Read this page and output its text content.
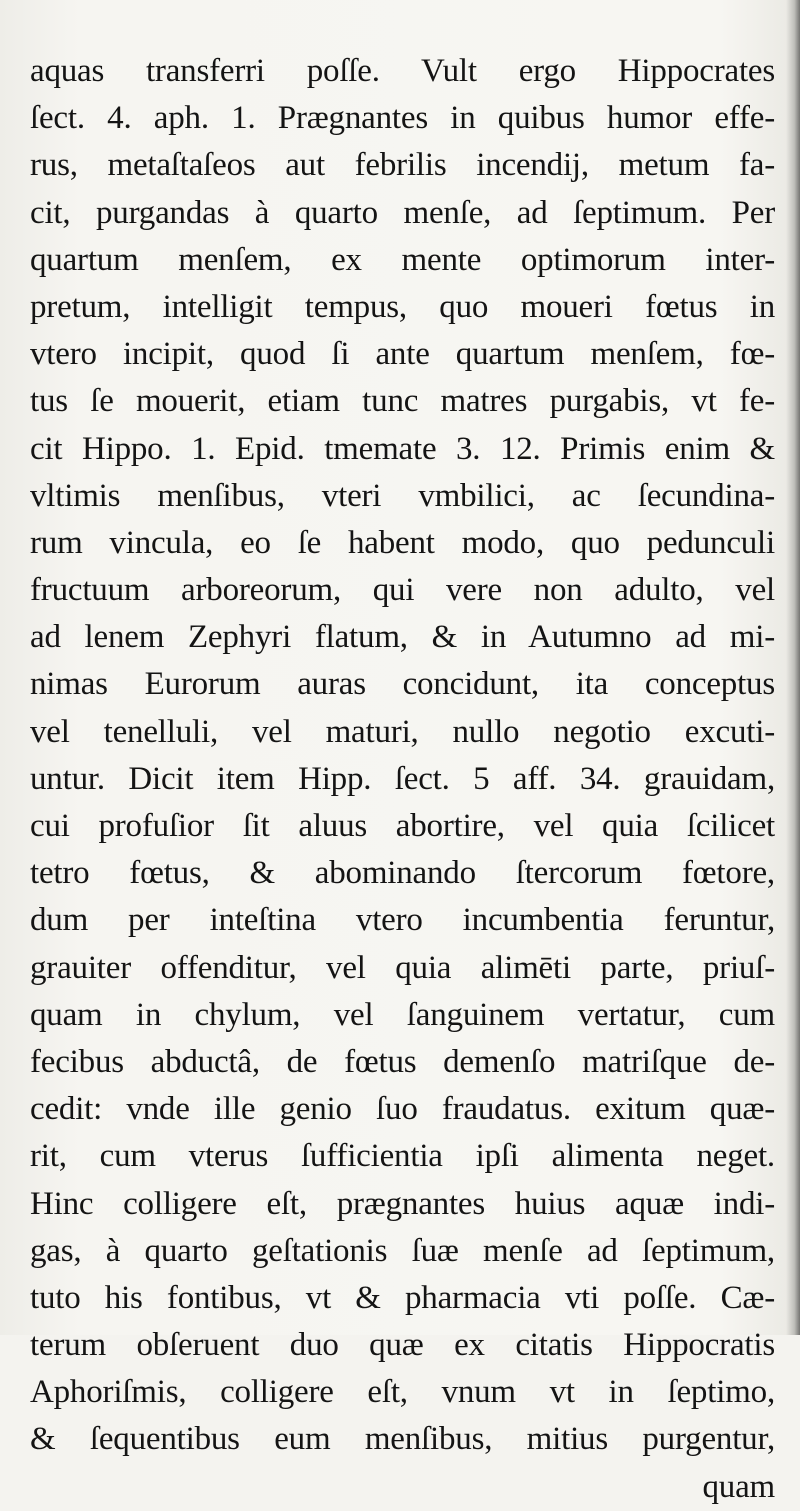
aquas transferri poſſe. Vult ergo Hippocrates
ſect. 4. aph. 1. Prægnantes in quibus humor effe-
rus, metaſtaſeos aut febrilis incendij, metum fa-
cit, purgandas à quarto menſe, ad ſeptimum. Per
quartum menſem, ex mente optimorum inter-
pretum, intelligit tempus, quo moueri fœtus in
vtero incipit, quod ſi ante quartum menſem, fœ-
tus ſe mouerit, etiam tunc matres purgabis, vt fe-
cit Hippo. 1. Epid. tmemate 3. 12. Primis enim &
vltimis menſibus, vteri vmbilici, ac ſecundina-
rum vincula, eo ſe habent modo, quo pedunculi
fructuum arboreorum, qui vere non adulto, vel
ad lenem Zephyri flatum, & in Autumno ad mi-
nimas Eurorum auras concidunt, ita conceptus
vel tenelluli, vel maturi, nullo negotio excuti-
untur. Dicit item Hipp. ſect. 5 aff. 34. grauidam,
cui profuſior ſit aluus abortire, vel quia ſcilicet
tetro fœtus, & abominando ſtercorum fœtore,
dum per inteſtina vtero incumbentia feruntur,
grauiter offenditur, vel quia alimēti parte, priuſ-
quam in chylum, vel ſanguinem vertatur, cum
fecibus abductâ, de fœtus demenſo matriſque de-
cedit: vnde ille genio ſuo fraudatus. exitum quæ-
rit, cum vterus ſufficientia ipſi alimenta neget.
Hinc colligere eſt, prægnantes huius aquæ indi-
gas, à quarto geſtationis ſuæ menſe ad ſeptimum,
tuto his fontibus, vt & pharmacia vti poſſe. Cæ-
terum obſeruent duo quæ ex citatis Hippocratis
Aphoriſmis, colligere eſt, vnum vt in ſeptimo,
& ſequentibus eum menſibus, mitius purgentur,
quam
